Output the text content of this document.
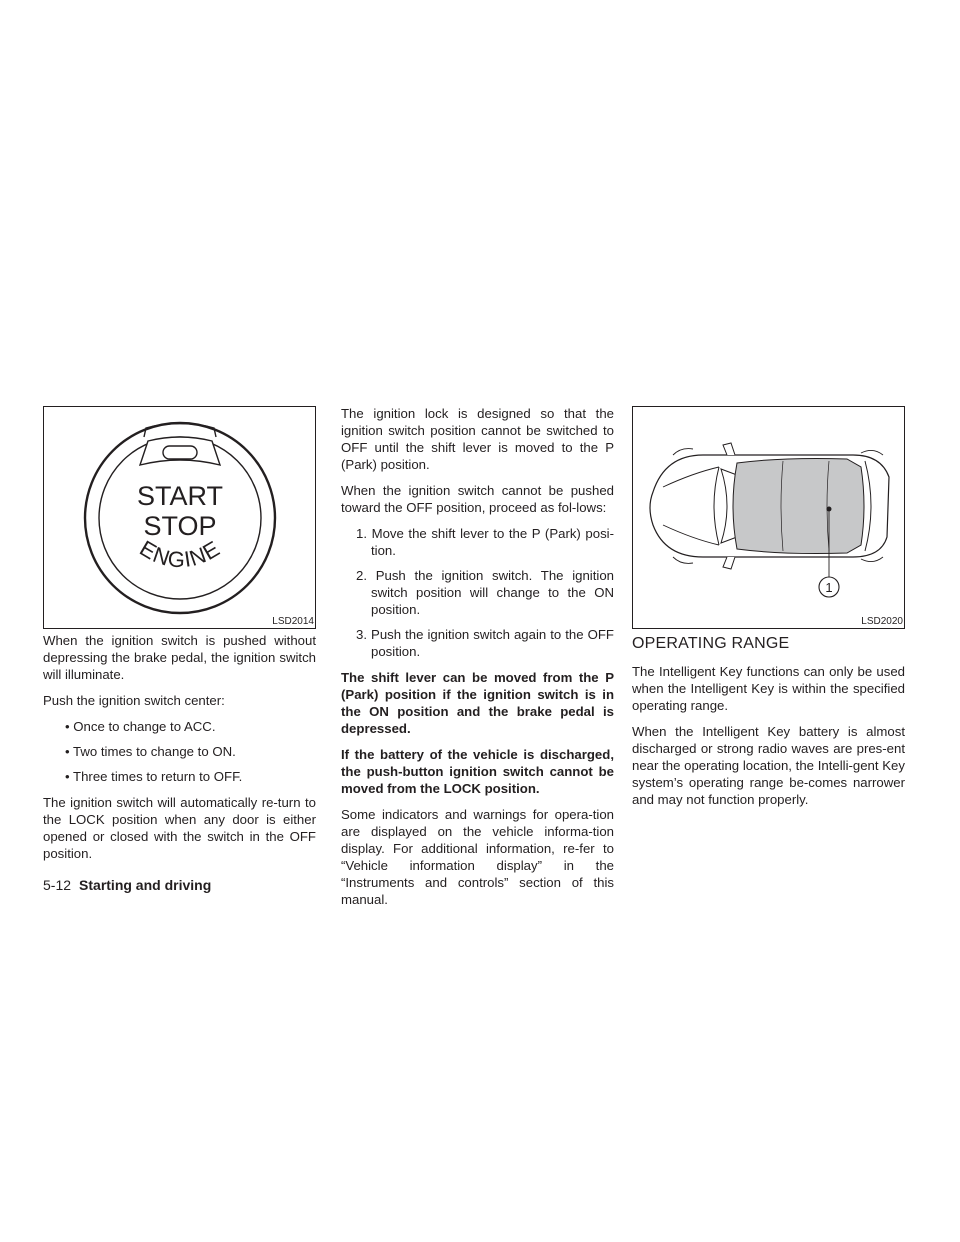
START
STOP
ENGINE
LSD2014

When the ignition switch is pushed without depressing the brake pedal, the ignition switch will illuminate.

Push the ignition switch center:

• Once to change to ACC.
• Two times to change to ON.
• Three times to return to OFF.

The ignition switch will automatically re-turn to the LOCK position when any door is either opened or closed with the switch in the OFF position.

The ignition lock is designed so that the ignition switch position cannot be switched to OFF until the shift lever is moved to the P (Park) position.

When the ignition switch cannot be pushed toward the OFF position, proceed as fol-lows:

1. Move the shift lever to the P (Park) posi-tion.
2. Push the ignition switch. The ignition switch position will change to the ON position.
3. Push the ignition switch again to the OFF position.

The shift lever can be moved from the P (Park) position if the ignition switch is in the ON position and the brake pedal is depressed.

If the battery of the vehicle is discharged, the push-button ignition switch cannot be moved from the LOCK position.

Some indicators and warnings for opera-tion are displayed on the vehicle informa-tion display. For additional information, re-fer to “Vehicle information display” in the “Instruments and controls” section of this manual.

1
LSD2020
OPERATING RANGE

The Intelligent Key functions can only be used when the Intelligent Key is within the specified operating range.

When the Intelligent Key battery is almost discharged or strong radio waves are pres-ent near the operating location, the Intelli-gent Key system’s operating range be-comes narrower and may not function properly.

5-12 Starting and driving
